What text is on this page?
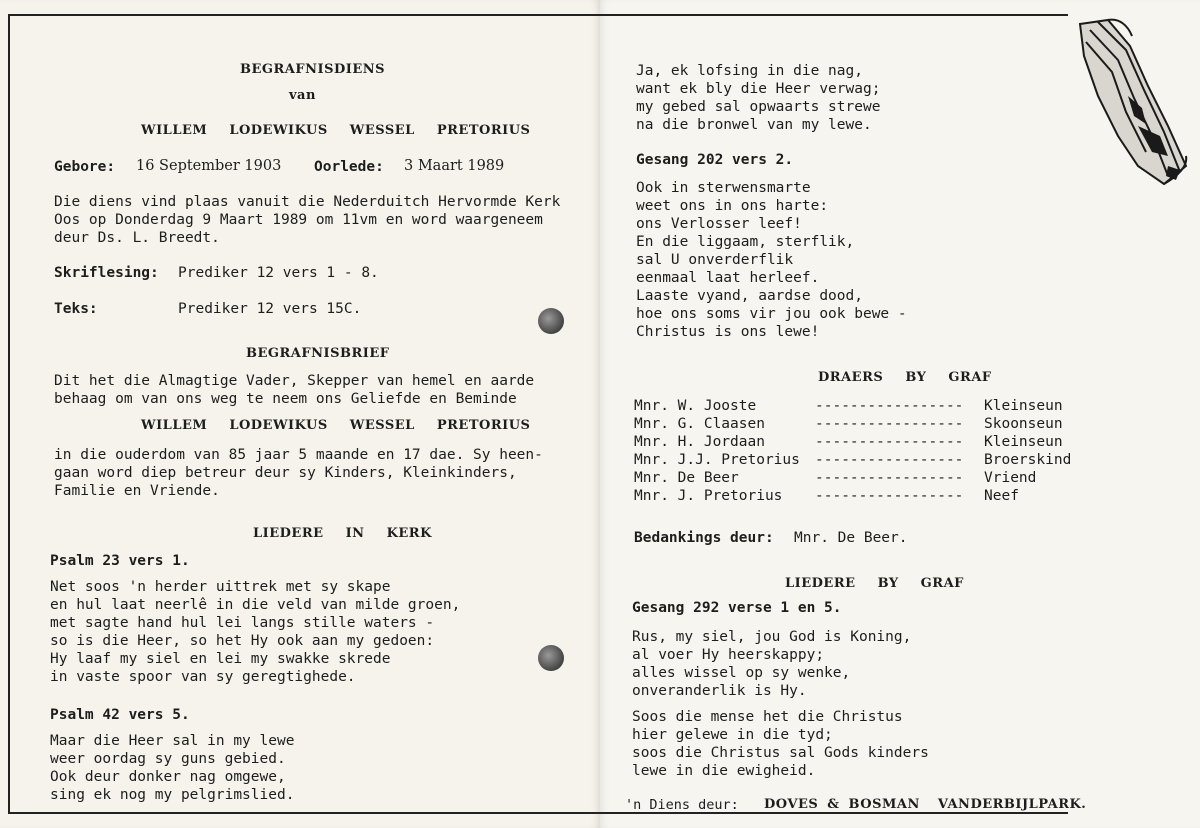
BEGRAFNISDIENS
van
WILLEM  LODEWIKUS  WESSEL  PRETORIUS
Gebore: 16 September 1903 Oorlede: 3 Maart 1989
Die diens vind plaas vanuit die Nederduitch Hervormde Kerk
Oos op Donderdag 9 Maart 1989 om 11vm en word waargeneem
deur Ds. L. Breedt.
Skriflesing: Prediker 12 vers 1 - 8.
Teks:	Prediker 12 vers 15C.
BEGRAFNISBRIEF
Dit het die Almagtige Vader, Skepper van hemel en aarde
behaag om van ons weg te neem ons Geliefde en Beminde
WILLEM  LODEWIKUS  WESSEL  PRETORIUS
in die ouderdom van 85 jaar 5 maande en 17 dae. Sy heen-
gaan word diep betreur deur sy Kinders, Kleinkinders,
Familie en Vriende.
LIEDERE  IN  KERK
Psalm 23 vers 1.
Net soos 'n herder uittrek met sy skape
en hul laat neerlê in die veld van milde groen,
met sagte hand hul lei langs stille waters -
so is die Heer, so het Hy ook aan my gedoen:
Hy laaf my siel en lei my swakke skrede
in vaste spoor van sy geregtighede.
Psalm 42 vers 5.
Maar die Heer sal in my lewe
weer oordag sy guns gebied.
Ook deur donker nag omgewe,
sing ek nog my pelgrimslied.
Ja, ek lofsing in die nag,
want ek bly die Heer verwag;
my gebed sal opwaarts strewe
na die bronwel van my lewe.
Gesang 202 vers 2.
Ook in sterwensmarte
weet ons in ons harte:
ons Verlosser leef!
En die liggaam, sterflik,
sal U onverderflik
eenmaal laat herleef.
Laaste vyand, aardse dood,
hoe ons soms vir jou ook bewe -
Christus is ons lewe!
DRAERS  BY  GRAF
Mnr. W. Jooste	----------------- Kleinseun
Mnr. G. Claasen	----------------- Skoonseun
Mnr. H. Jordaan	----------------- Kleinseun
Mnr. J.J. Pretorius ----------------- Broerskind
Mnr. De Beer	----------------- Vriend
Mnr. J. Pretorius ----------------- Neef
Bedankings deur: Mnr. De Beer.
LIEDERE  BY  GRAF
Gesang 292 verse 1 en 5.
Rus, my siel, jou God is Koning,
al voer Hy heerskappy;
alles wissel op sy wenke,
onveranderlik is Hy.
Soos die mense het die Christus
hier gelewe in die tyd;
soos die Christus sal Gods kinders
lewe in die ewigheid.
'n Diens deur: DOVES & BOSMAN  VANDERBIJLPARK.
